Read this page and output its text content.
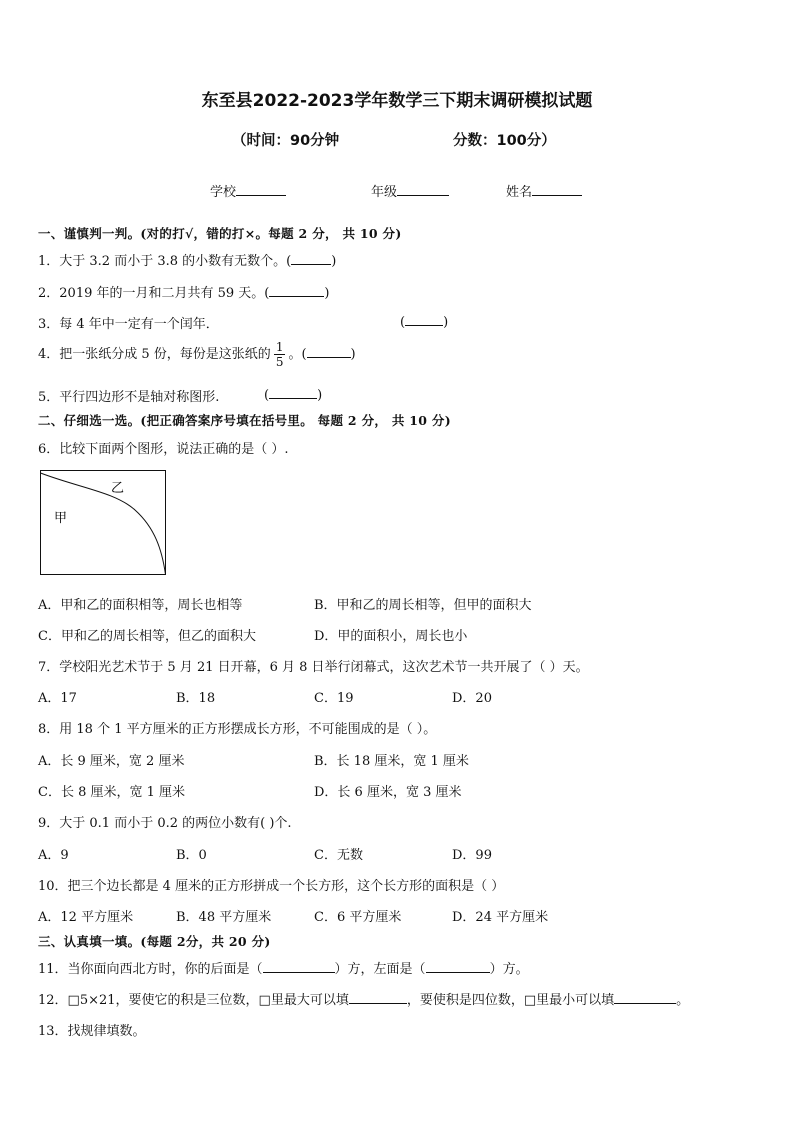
东至县2022-2023学年数学三下期末调研模拟试题
（时间：90分钟	分数：100分）
学校	年级	姓名
一、谨慎判一判。(对的打√，错的打×。每题 2 分， 共 10 分)
1．大于 3.2 而小于 3.8 的小数有无数个。(	)
2．2019 年的一月和二月共有 59 天。(	)
3．每 4 年中一定有一个闰年．	(	)
4．把一张纸分成 5 份，每份是这张纸的 $\frac{1}{5}$ 。(	)
5．平行四边形不是轴对称图形.	(	)
二、仔细选一选。(把正确答案序号填在括号里。 每题 2 分， 共 10 分)
6．比较下面两个图形，说法正确的是（ ）.
甲
乙
A．甲和乙的面积相等，周长也相等	B．甲和乙的周长相等，但甲的面积大
C．甲和乙的周长相等，但乙的面积大	D．甲的面积小，周长也小
7．学校阳光艺术节于 5 月 21 日开幕，6 月 8 日举行闭幕式，这次艺术节一共开展了（ ）天。
A．17	B．18	C．19	D．20
8．用 18 个 1 平方厘米的正方形摆成长方形，不可能围成的是（ ）。
A．长 9 厘米，宽 2 厘米	B．长 18 厘米，宽 1 厘米
C．长 8 厘米，宽 1 厘米	D．长 6 厘米，宽 3 厘米
9．大于 0.1 而小于 0.2 的两位小数有( )个.
A．9	B．0	C．无数	D．99
10．把三个边长都是 4 厘米的正方形拼成一个长方形，这个长方形的面积是（ ）
A．12 平方厘米	B．48 平方厘米	C．6 平方厘米	D．24 平方厘米
三、认真填一填。(每题 2分，共 20 分)
11．当你面向西北方时，你的后面是（	）方，左面是（	）方。
12．□5×21，要使它的积是三位数，□里最大可以填	，要使积是四位数，□里最小可以填	。
13．找规律填数。
